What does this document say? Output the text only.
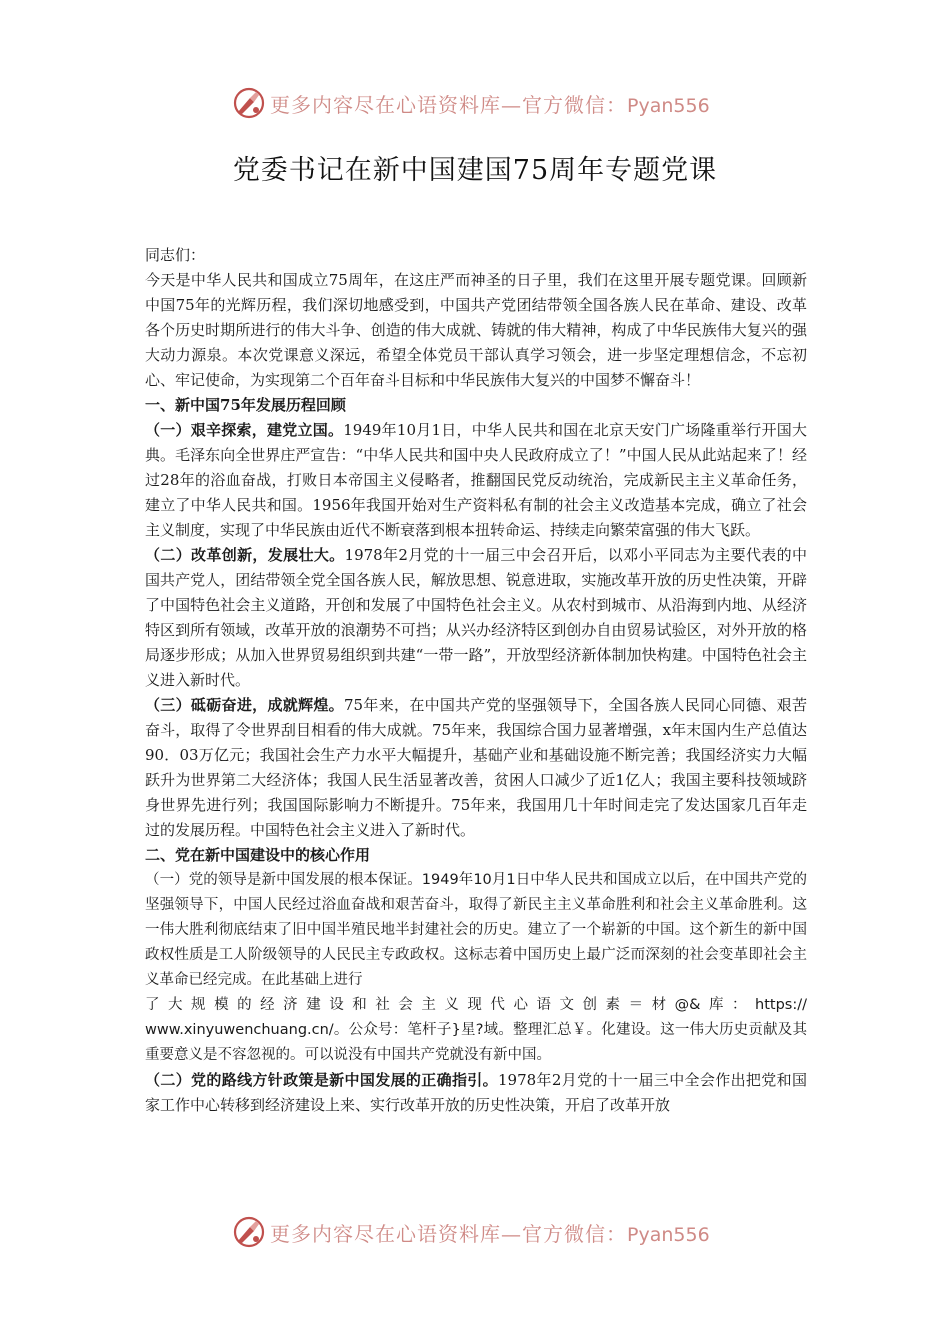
更多内容尽在心语资料库—官方微信：Pyan556
党委书记在新中国建国75周年专题党课

同志们：

今天是中华人民共和国成立75周年，在这庄严而神圣的日子里，我们在这里开展专题党课。回顾新中国75年的光辉历程，我们深切地感受到，中国共产党团结带领全国各族人民在革命、建设、改革各个历史时期所进行的伟大斗争、创造的伟大成就、铸就的伟大精神，构成了中华民族伟大复兴的强大动力源泉。本次党课意义深远，希望全体党员干部认真学习领会，进一步坚定理想信念，不忘初心、牢记使命，为实现第二个百年奋斗目标和中华民族伟大复兴的中国梦不懈奋斗！

一、新中国75年发展历程回顾

（一）艰辛探索，建党立国。1949年10月1日，中华人民共和国在北京天安门广场隆重举行开国大典。毛泽东向全世界庄严宣告：“中华人民共和国中央人民政府成立了！”中国人民从此站起来了！经过28年的浴血奋战，打败日本帝国主义侵略者，推翻国民党反动统治，完成新民主主义革命任务，建立了中华人民共和国。1956年我国开始对生产资料私有制的社会主义改造基本完成，确立了社会主义制度，实现了中华民族由近代不断衰落到根本扭转命运、持续走向繁荣富强的伟大飞跃。

（二）改革创新，发展壮大。1978年2月党的十一届三中会召开后，以邓小平同志为主要代表的中国共产党人，团结带领全党全国各族人民，解放思想、锐意进取，实施改革开放的历史性决策，开辟了中国特色社会主义道路，开创和发展了中国特色社会主义。从农村到城市、从沿海到内地、从经济特区到所有领域，改革开放的浪潮势不可挡；从兴办经济特区到创办自由贸易试验区，对外开放的格局逐步形成；从加入世界贸易组织到共建“一带一路”，开放型经济新体制加快构建。中国特色社会主义进入新时代。

（三）砥砺奋进，成就辉煌。75年来，在中国共产党的坚强领导下，全国各族人民同心同德、艰苦奋斗，取得了令世界刮目相看的伟大成就。75年来，我国综合国力显著增强，x年末国内生产总值达90．03万亿元；我国社会生产力水平大幅提升，基础产业和基础设施不断完善；我国经济实力大幅跃升为世界第二大经济体；我国人民生活显著改善，贫困人口减少了近1亿人；我国主要科技领域跻身世界先进行列；我国国际影响力不断提升。75年来，我国用几十年时间走完了发达国家几百年走过的发展历程。中国特色社会主义进入了新时代。

二、党在新中国建设中的核心作用

（一）党的领导是新中国发展的根本保证。1949年10月1日中华人民共和国成立以后，在中国共产党的坚强领导下，中国人民经过浴血奋战和艰苦奋斗，取得了新民主主义革命胜利和社会主义革命胜利。这一伟大胜利彻底结束了旧中国半殖民地半封建社会的历史。建立了一个崭新的中国。这个新生的新中国政权性质是工人阶级领导的人民民主专政政权。这标志着中国历史上最广泛而深刻的社会变革即社会主义革命已经完成。在此基础上进行

了大规模的经济建设和社会主义现代心语文创素＝材@&库：https://

www.xinyuwenchuang.cn/。公众号：笔杆子}星?域。整理汇总￥。化建设。这一伟大历史贡献及其重要意义是不容忽视的。可以说没有中国共产党就没有新中国。

（二）党的路线方针政策是新中国发展的正确指引。1978年2月党的十一届三中全会作出把党和国家工作中心转移到经济建设上来、实行改革开放的历史性决策，开启了改革开放

更多内容尽在心语资料库—官方微信：Pyan556
